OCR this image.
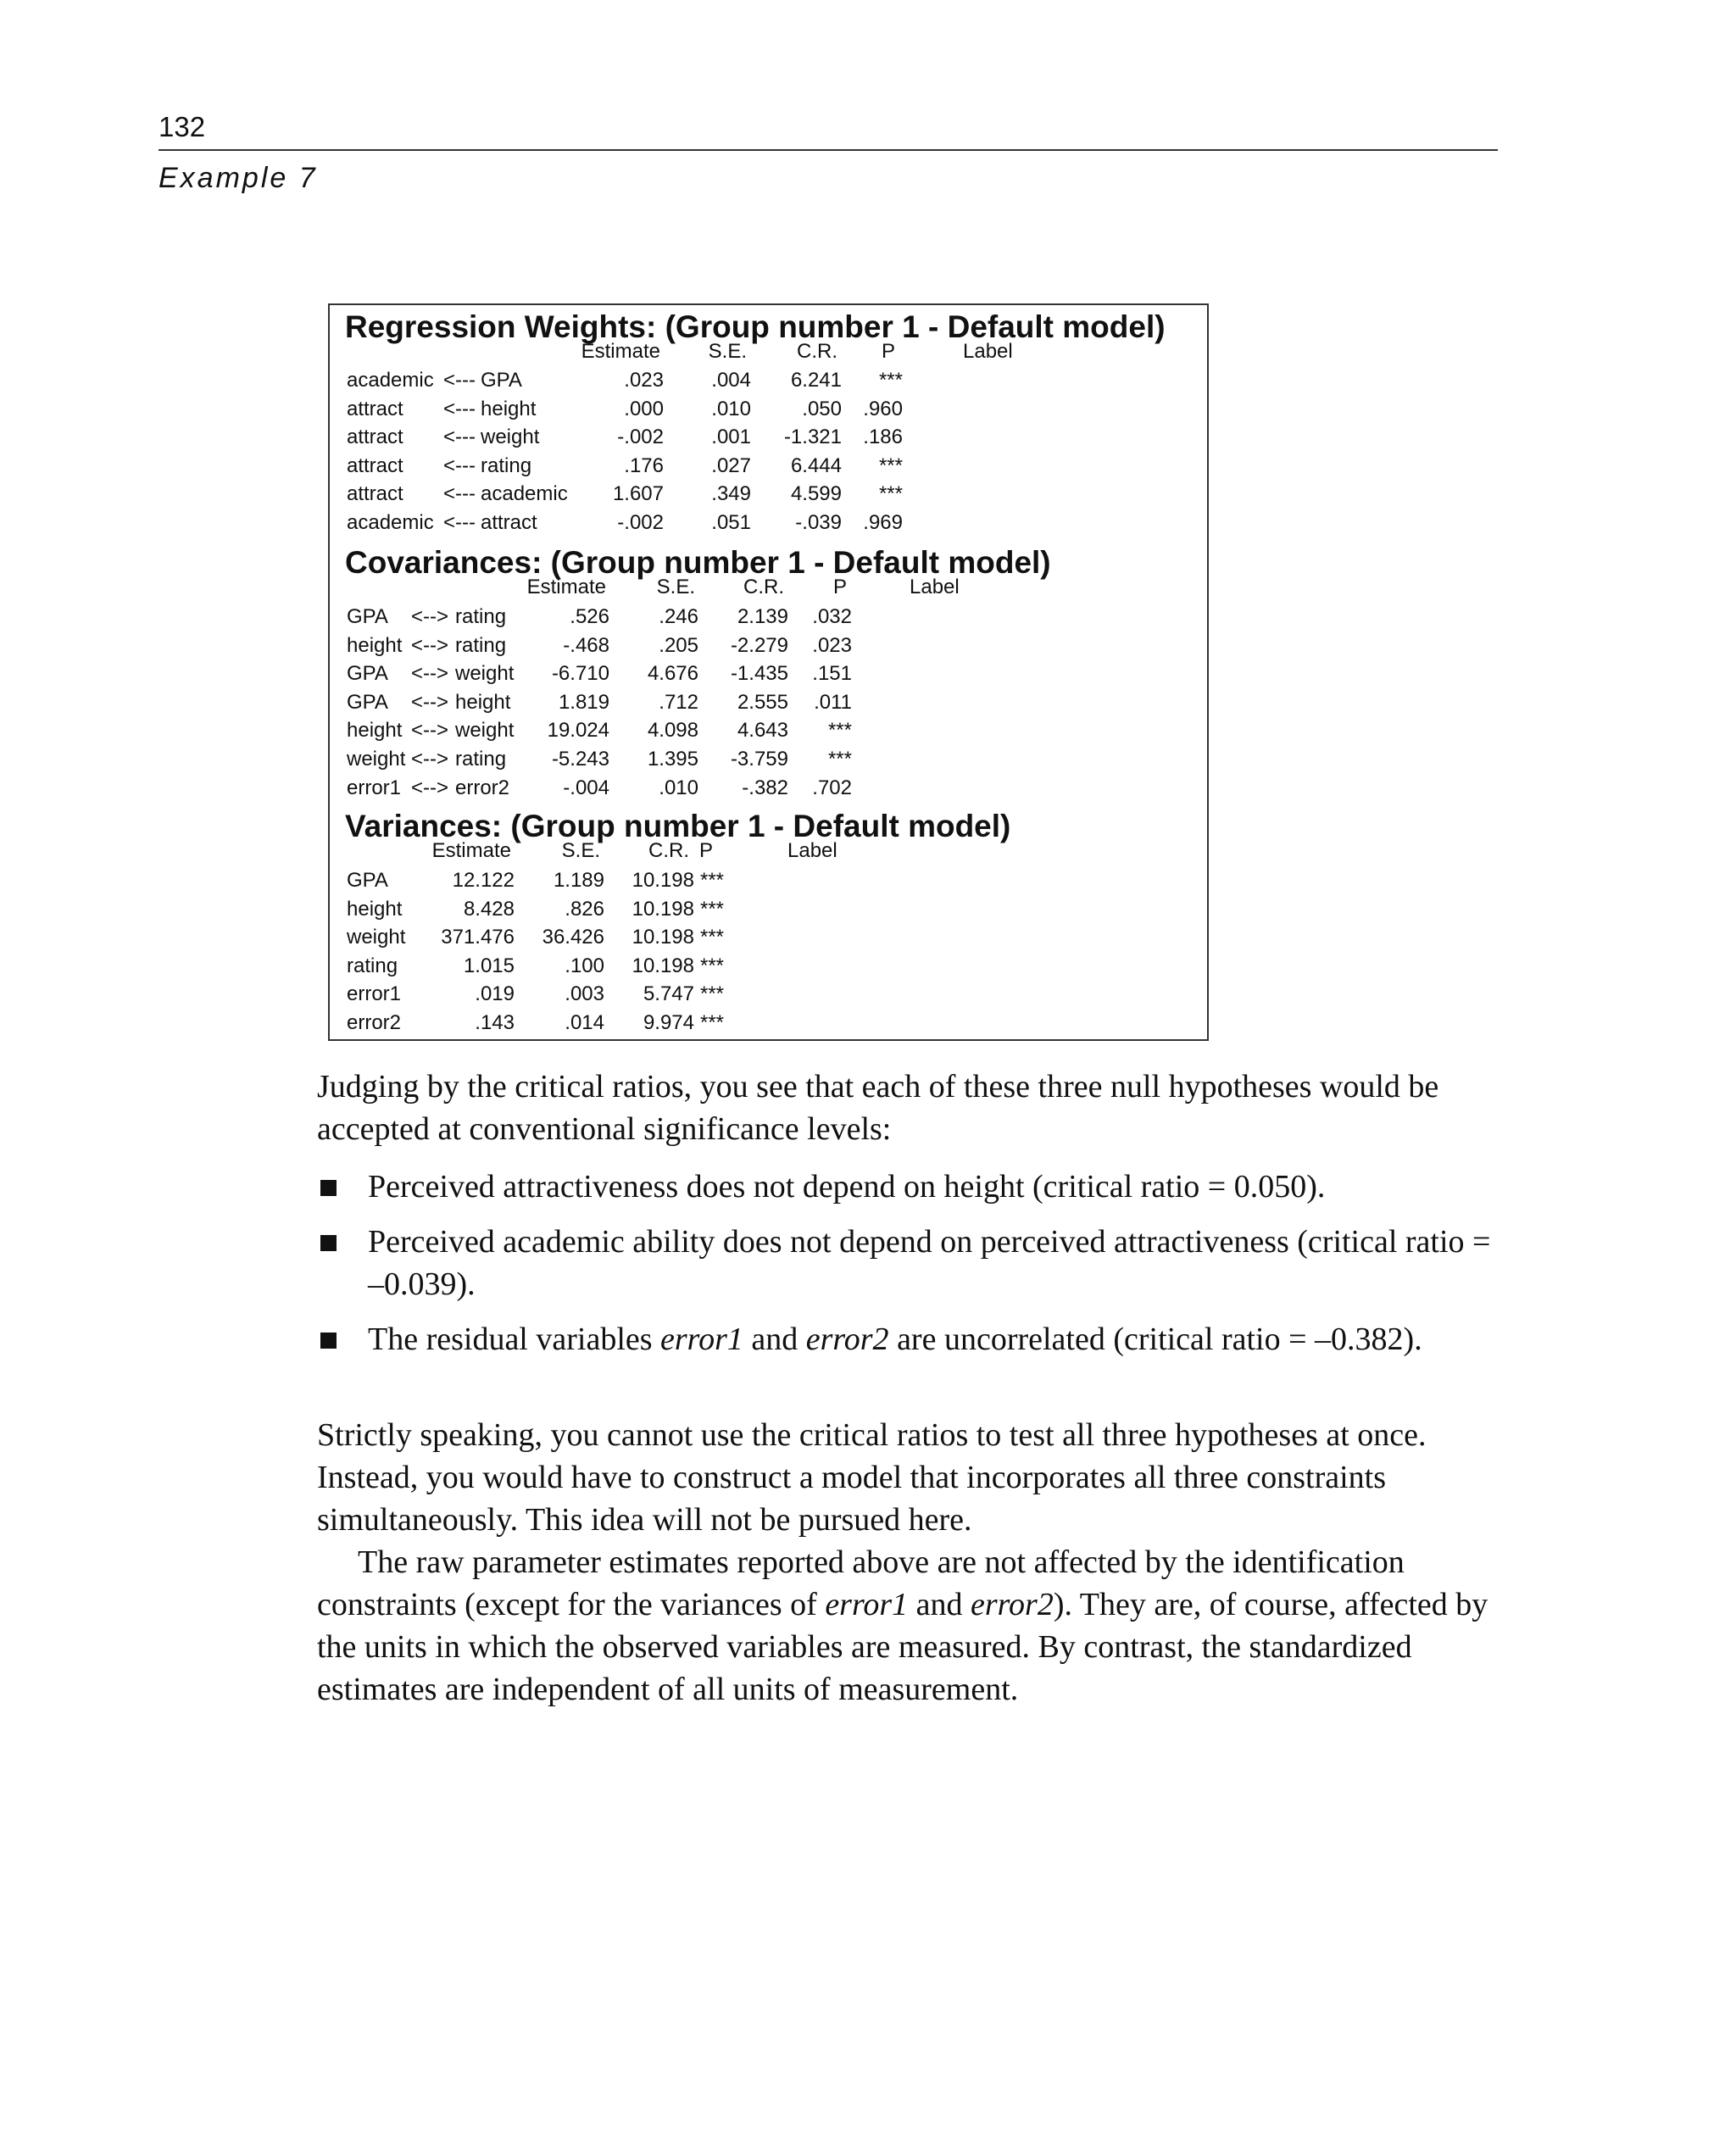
132
Example 7
Regression Weights: (Group number 1 - Default model)
Estimate	S.E.	C.R.	P	Label
academic <--- GPA	.023	.004	6.241	***
attract <--- height	.000	.010	.050	.960
attract <--- weight	-.002	.001	-1.321	.186
attract <--- rating	.176	.027	6.444	***
attract <--- academic	1.607	.349	4.599	***
academic <--- attract	-.002	.051	-.039	.969
Covariances: (Group number 1 - Default model)
Estimate	S.E.	C.R.	P	Label
GPA <--> rating	.526	.246	2.139	.032
height <--> rating	-.468	.205	-2.279	.023
GPA <--> weight	-6.710	4.676	-1.435	.151
GPA <--> height	1.819	.712	2.555	.011
height <--> weight	19.024	4.098	4.643	***
weight <--> rating	-5.243	1.395	-3.759	***
error1 <--> error2	-.004	.010	-.382	.702
Variances: (Group number 1 - Default model)
Estimate	S.E.	C.R. P	Label
GPA	12.122	1.189	10.198 ***
height	8.428	.826	10.198 ***
weight	371.476	36.426	10.198 ***
rating	1.015	.100	10.198 ***
error1	.019	.003	5.747 ***
error2	.143	.014	9.974 ***

Judging by the critical ratios, you see that each of these three null hypotheses would be accepted at conventional significance levels:

Perceived attractiveness does not depend on height (critical ratio = 0.050).
Perceived academic ability does not depend on perceived attractiveness (critical ratio = –0.039).
The residual variables error1 and error2 are uncorrelated (critical ratio = –0.382).

Strictly speaking, you cannot use the critical ratios to test all three hypotheses at once. Instead, you would have to construct a model that incorporates all three constraints simultaneously. This idea will not be pursued here.

The raw parameter estimates reported above are not affected by the identification constraints (except for the variances of error1 and error2). They are, of course, affected by the units in which the observed variables are measured. By contrast, the standardized estimates are independent of all units of measurement.
